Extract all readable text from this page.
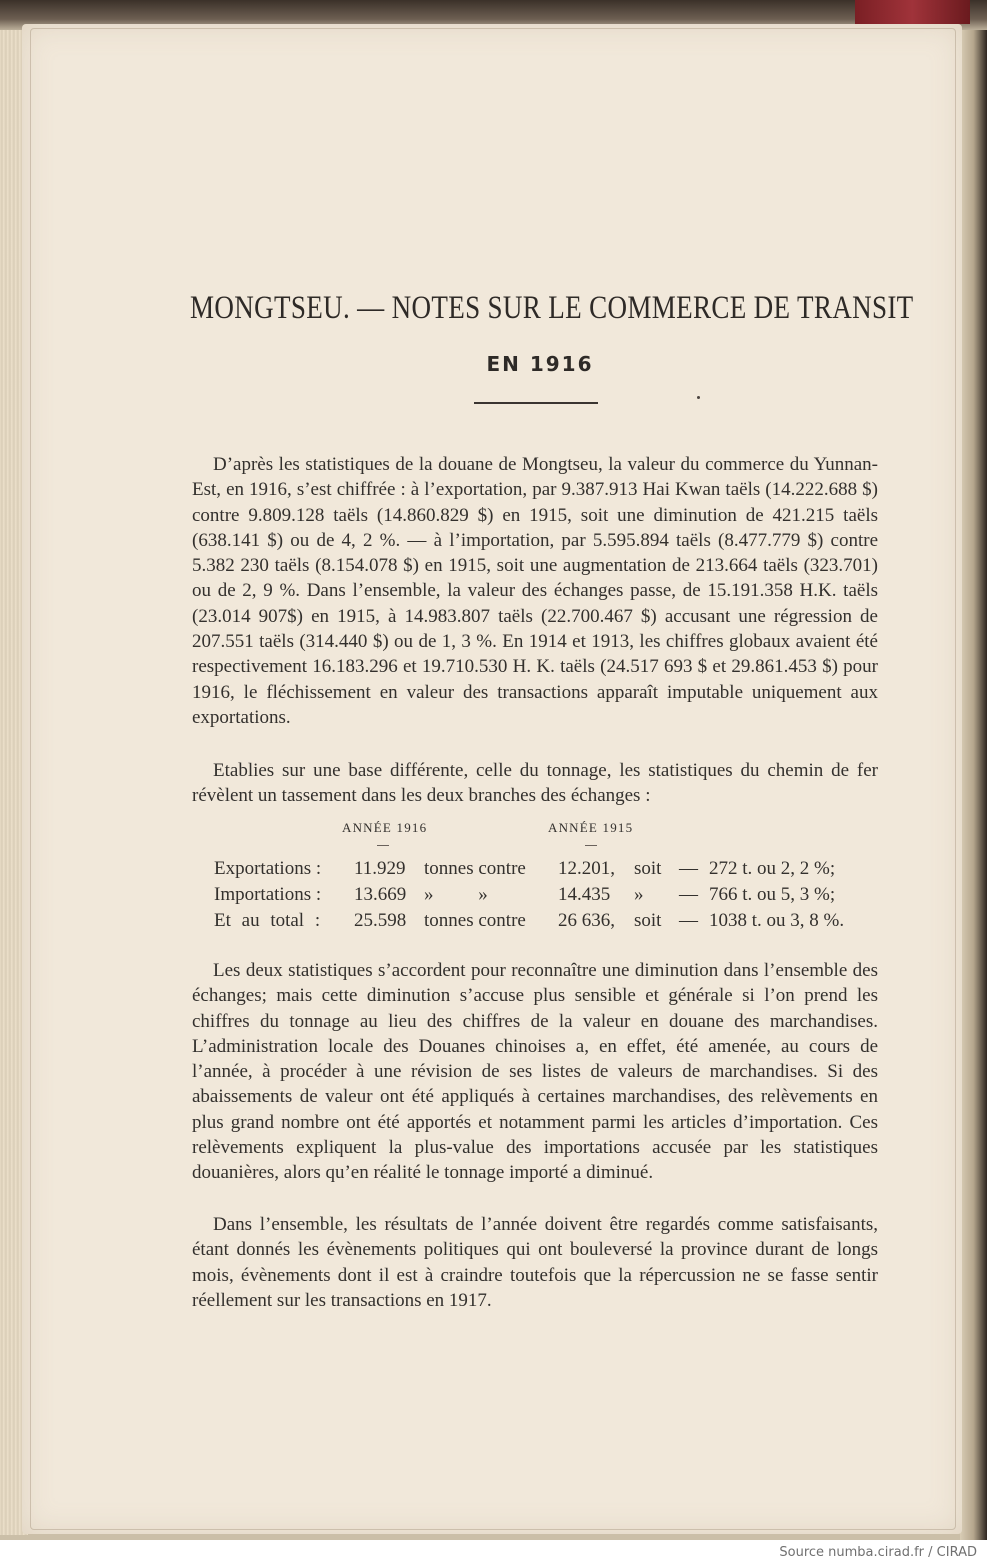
MONGTSEU. — NOTES SUR LE COMMERCE DE TRANSIT
EN 1916

D’après les statistiques de la douane de Mongtseu, la valeur du commerce du Yunnan-Est, en 1916, s’est chiffrée : à l’exportation, par 9.387.913 Hai Kwan taëls (14.222.688 $) contre 9.809.128 taëls (14.860.829 $) en 1915, soit une diminution de 421.215 taëls (638.141 $) ou de 4, 2 %. — à l’importation, par 5.595.894 taëls (8.477.779 $) contre 5.382 230 taëls (8.154.078 $) en 1915, soit une augmentation de 213.664 taëls (323.701) ou de 2, 9 %. Dans l’ensemble, la valeur des échanges passe, de 15.191.358 H.K. taëls (23.014 907$) en 1915, à 14.983.807 taëls (22.700.467 $) accusant une régression de 207.551 taëls (314.440 $) ou de 1, 3 %. En 1914 et 1913, les chiffres globaux avaient été respectivement 16.183.296 et 19.710.530 H. K. taëls (24.517 693 $ et 29.861.453 $) pour 1916, le fléchissement en valeur des transactions apparaît imputable uniquement aux exportations.

Etablies sur une base différente, celle du tonnage, les statistiques du chemin de fer révèlent un tassement dans les deux branches des échanges :

ANNÉE 1916	ANNÉE 1915
Exportations : 11.929 tonnes contre 12.201, soit — 272 t. ou 2, 2 %;
Importations : 13.669 » »	14.435 » — 766 t. ou 5, 3 %;
Et au total : 25.598 tonnes contre 26 636, soit — 1038 t. ou 3, 8 %.

Les deux statistiques s’accordent pour reconnaître une diminution dans l’ensemble des échanges; mais cette diminution s’accuse plus sensible et générale si l’on prend les chiffres du tonnage au lieu des chiffres de la valeur en douane des marchandises. L’administration locale des Douanes chinoises a, en effet, été amenée, au cours de l’année, à procéder à une révision de ses listes de valeurs de marchandises. Si des abaissements de valeur ont été appliqués à certaines marchandises, des relèvements en plus grand nombre ont été apportés et notamment parmi les articles d’importation. Ces relèvements expliquent la plus-value des importations accusée par les statistiques douanières, alors qu’en réalité le tonnage importé a diminué.

Dans l’ensemble, les résultats de l’année doivent être regardés comme satisfaisants, étant donnés les évènements politiques qui ont bouleversé la province durant de longs mois, évènements dont il est à craindre toutefois que la répercussion ne se fasse sentir réellement sur les transactions en 1917.

Source numba.cirad.fr / CIRAD
